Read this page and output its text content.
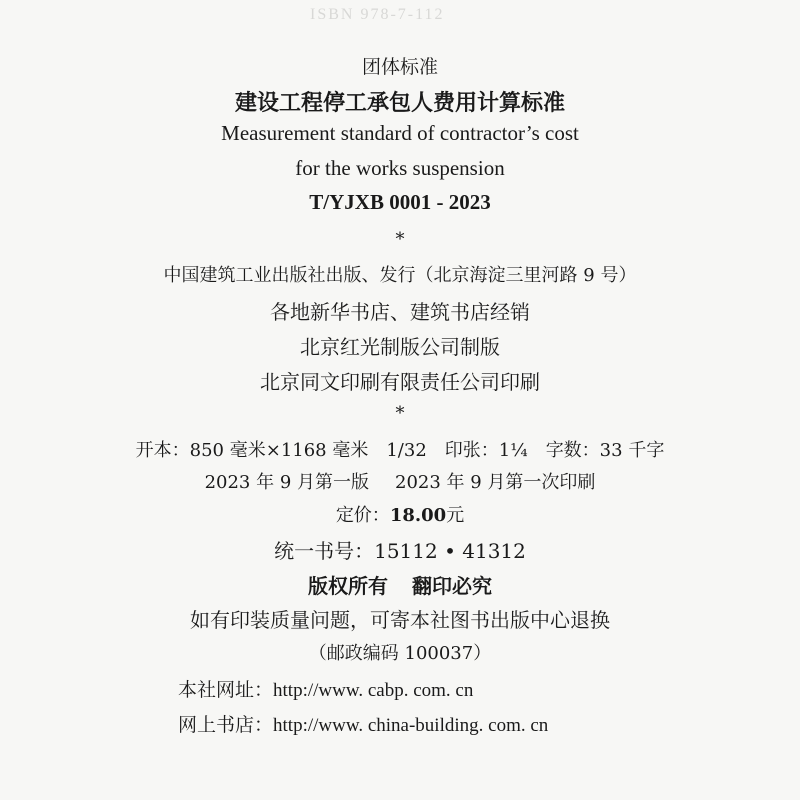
ISBN 978-7-112
团体标准
建设工程停工承包人费用计算标准
Measurement standard of contractor’s cost
for the works suspension
T/YJXB 0001 - 2023
*
中国建筑工业出版社出版、发行（北京海淀三里河路 9 号）
各地新华书店、建筑书店经销
北京红光制版公司制版
北京同文印刷有限责任公司印刷
*
开本：850 毫米×1168 毫米 1/32 印张：1¼ 字数：33 千字
2023 年 9 月第一版 2023 年 9 月第一次印刷
定价：18.00元
统一书号：15112 • 41312
版权所有 翻印必究
如有印装质量问题，可寄本社图书出版中心退换
（邮政编码 100037）
本社网址：http://www. cabp. com. cn
网上书店：http://www. china-building. com. cn
